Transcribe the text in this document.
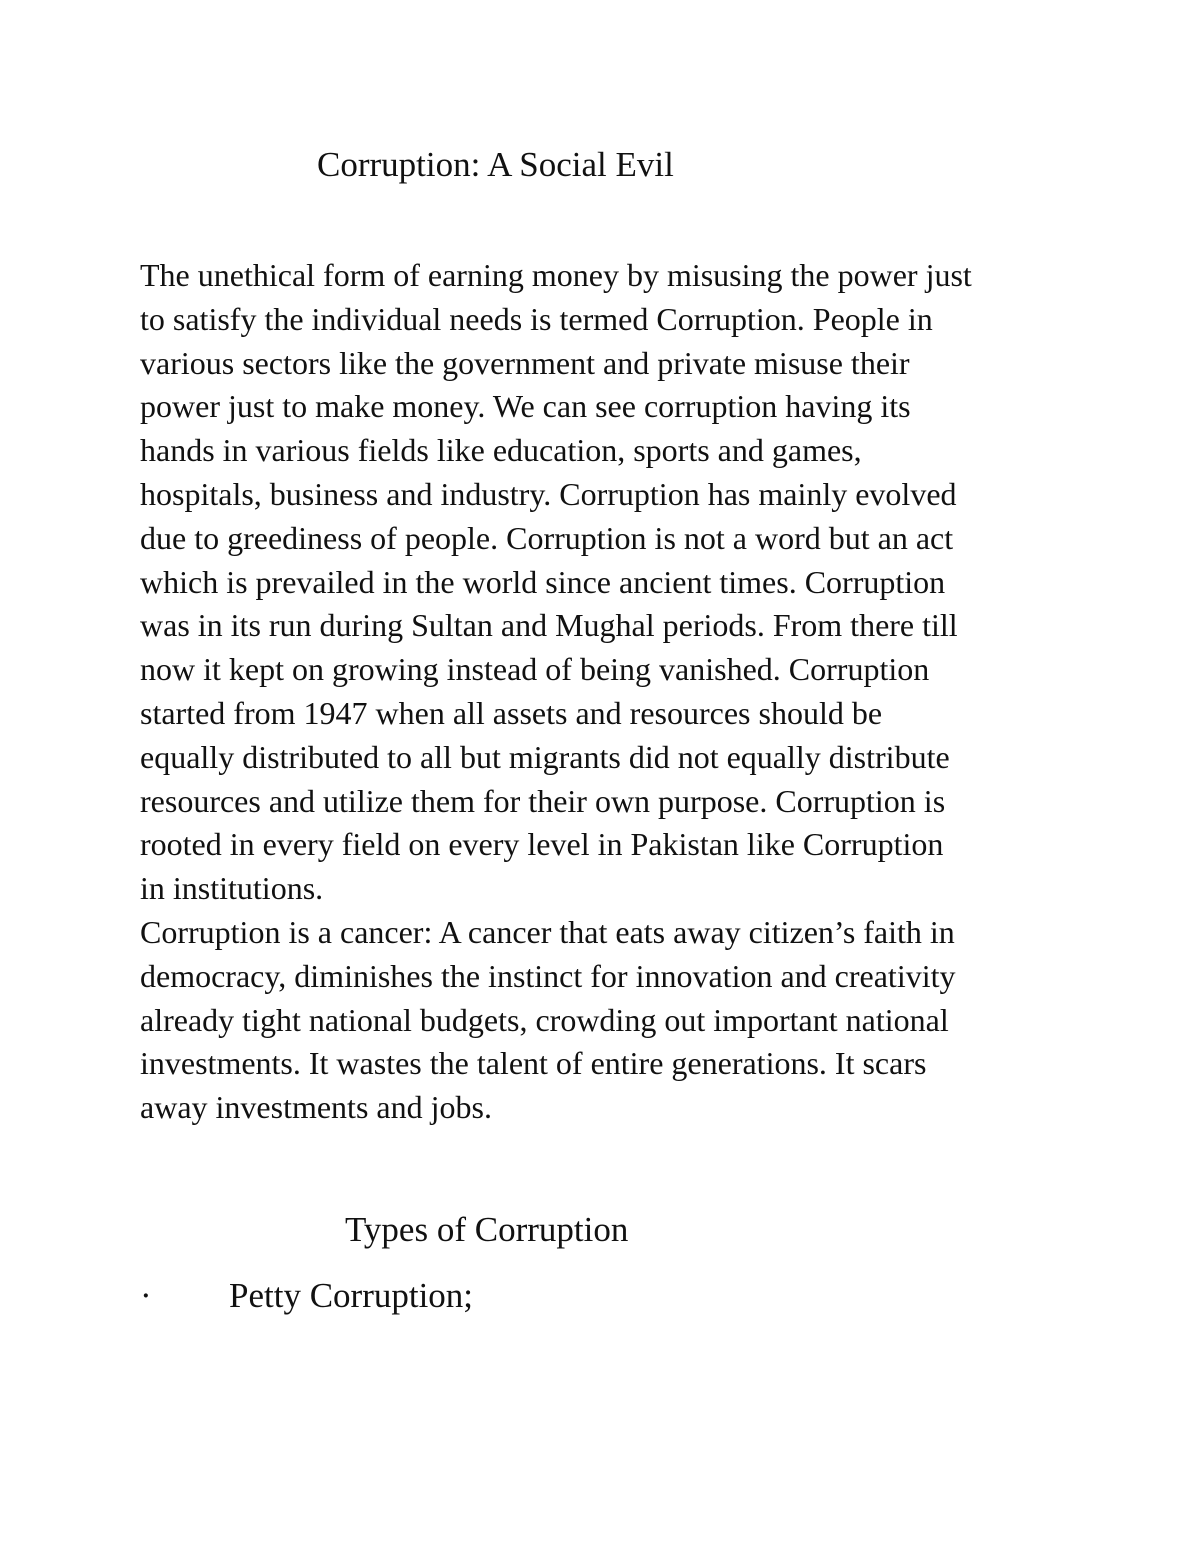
Corruption: A Social Evil
The unethical form of earning money by misusing the power just
to satisfy the individual needs is termed Corruption. People in
various sectors like the government and private misuse their
power just to make money. We can see corruption having its
hands in various fields like education, sports and games,
hospitals, business and industry. Corruption has mainly evolved
due to greediness of people. Corruption is not a word but an act
which is prevailed in the world since ancient times. Corruption
was in its run during Sultan and Mughal periods. From there till
now it kept on growing instead of being vanished. Corruption
started from 1947 when all assets and resources should be
equally distributed to all but migrants did not equally distribute
resources and utilize them for their own purpose. Corruption is
rooted in every field on every level in Pakistan like Corruption
in institutions.
Corruption is a cancer: A cancer that eats away citizen’s faith in
democracy, diminishes the instinct for innovation and creativity
already tight national budgets, crowding out important national
investments. It wastes the talent of entire generations. It scars
away investments and jobs.
Types of Corruption
· Petty Corruption;
